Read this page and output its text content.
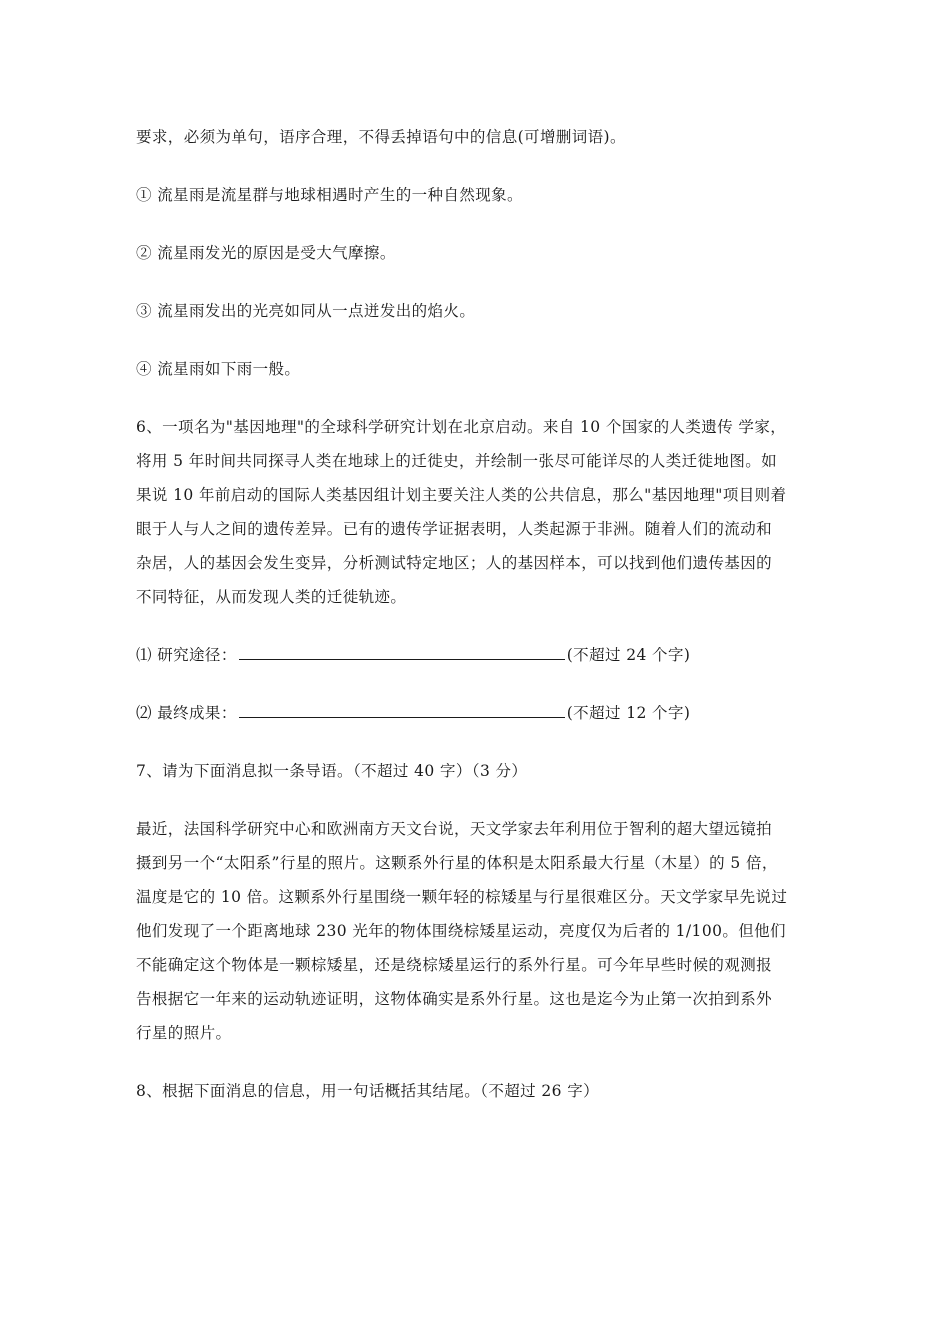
要求，必须为单句，语序合理，不得丢掉语句中的信息(可增删词语)。

① 流星雨是流星群与地球相遇时产生的一种自然现象。

② 流星雨发光的原因是受大气摩擦。

③ 流星雨发出的光亮如同从一点迸发出的焰火。

④ 流星雨如下雨一般。

6、一项名为"基因地理"的全球科学研究计划在北京启动。来自 10 个国家的人类遗传 学家，

将用 5 年时间共同探寻人类在地球上的迁徙史，并绘制一张尽可能详尽的人类迁徙地图。如

果说 10 年前启动的国际人类基因组计划主要关注人类的公共信息，那么"基因地理"项目则着

眼于人与人之间的遗传差异。已有的遗传学证据表明，人类起源于非洲。随着人们的流动和

杂居，人的基因会发生变异，分析测试特定地区；人的基因样本，可以找到他们遗传基因的

不同特征，从而发现人类的迁徙轨迹。

⑴ 研究途径：	(不超过 24 个字)
⑵ 最终成果：	(不超过 12 个字)

7、请为下面消息拟一条导语。（不超过 40 字）（3 分）

最近，法国科学研究中心和欧洲南方天文台说，天文学家去年利用位于智利的超大望远镜拍

摄到另一个“太阳系”行星的照片。这颗系外行星的体积是太阳系最大行星（木星）的 5 倍，

温度是它的 10 倍。这颗系外行星围绕一颗年轻的棕矮星与行星很难区分。天文学家早先说过

他们发现了一个距离地球 230 光年的物体围绕棕矮星运动，亮度仅为后者的 1/100。但他们

不能确定这个物体是一颗棕矮星，还是绕棕矮星运行的系外行星。可今年早些时候的观测报

告根据它一年来的运动轨迹证明，这物体确实是系外行星。这也是迄今为止第一次拍到系外

行星的照片。

8、根据下面消息的信息，用一句话概括其结尾。（不超过 26 字）
